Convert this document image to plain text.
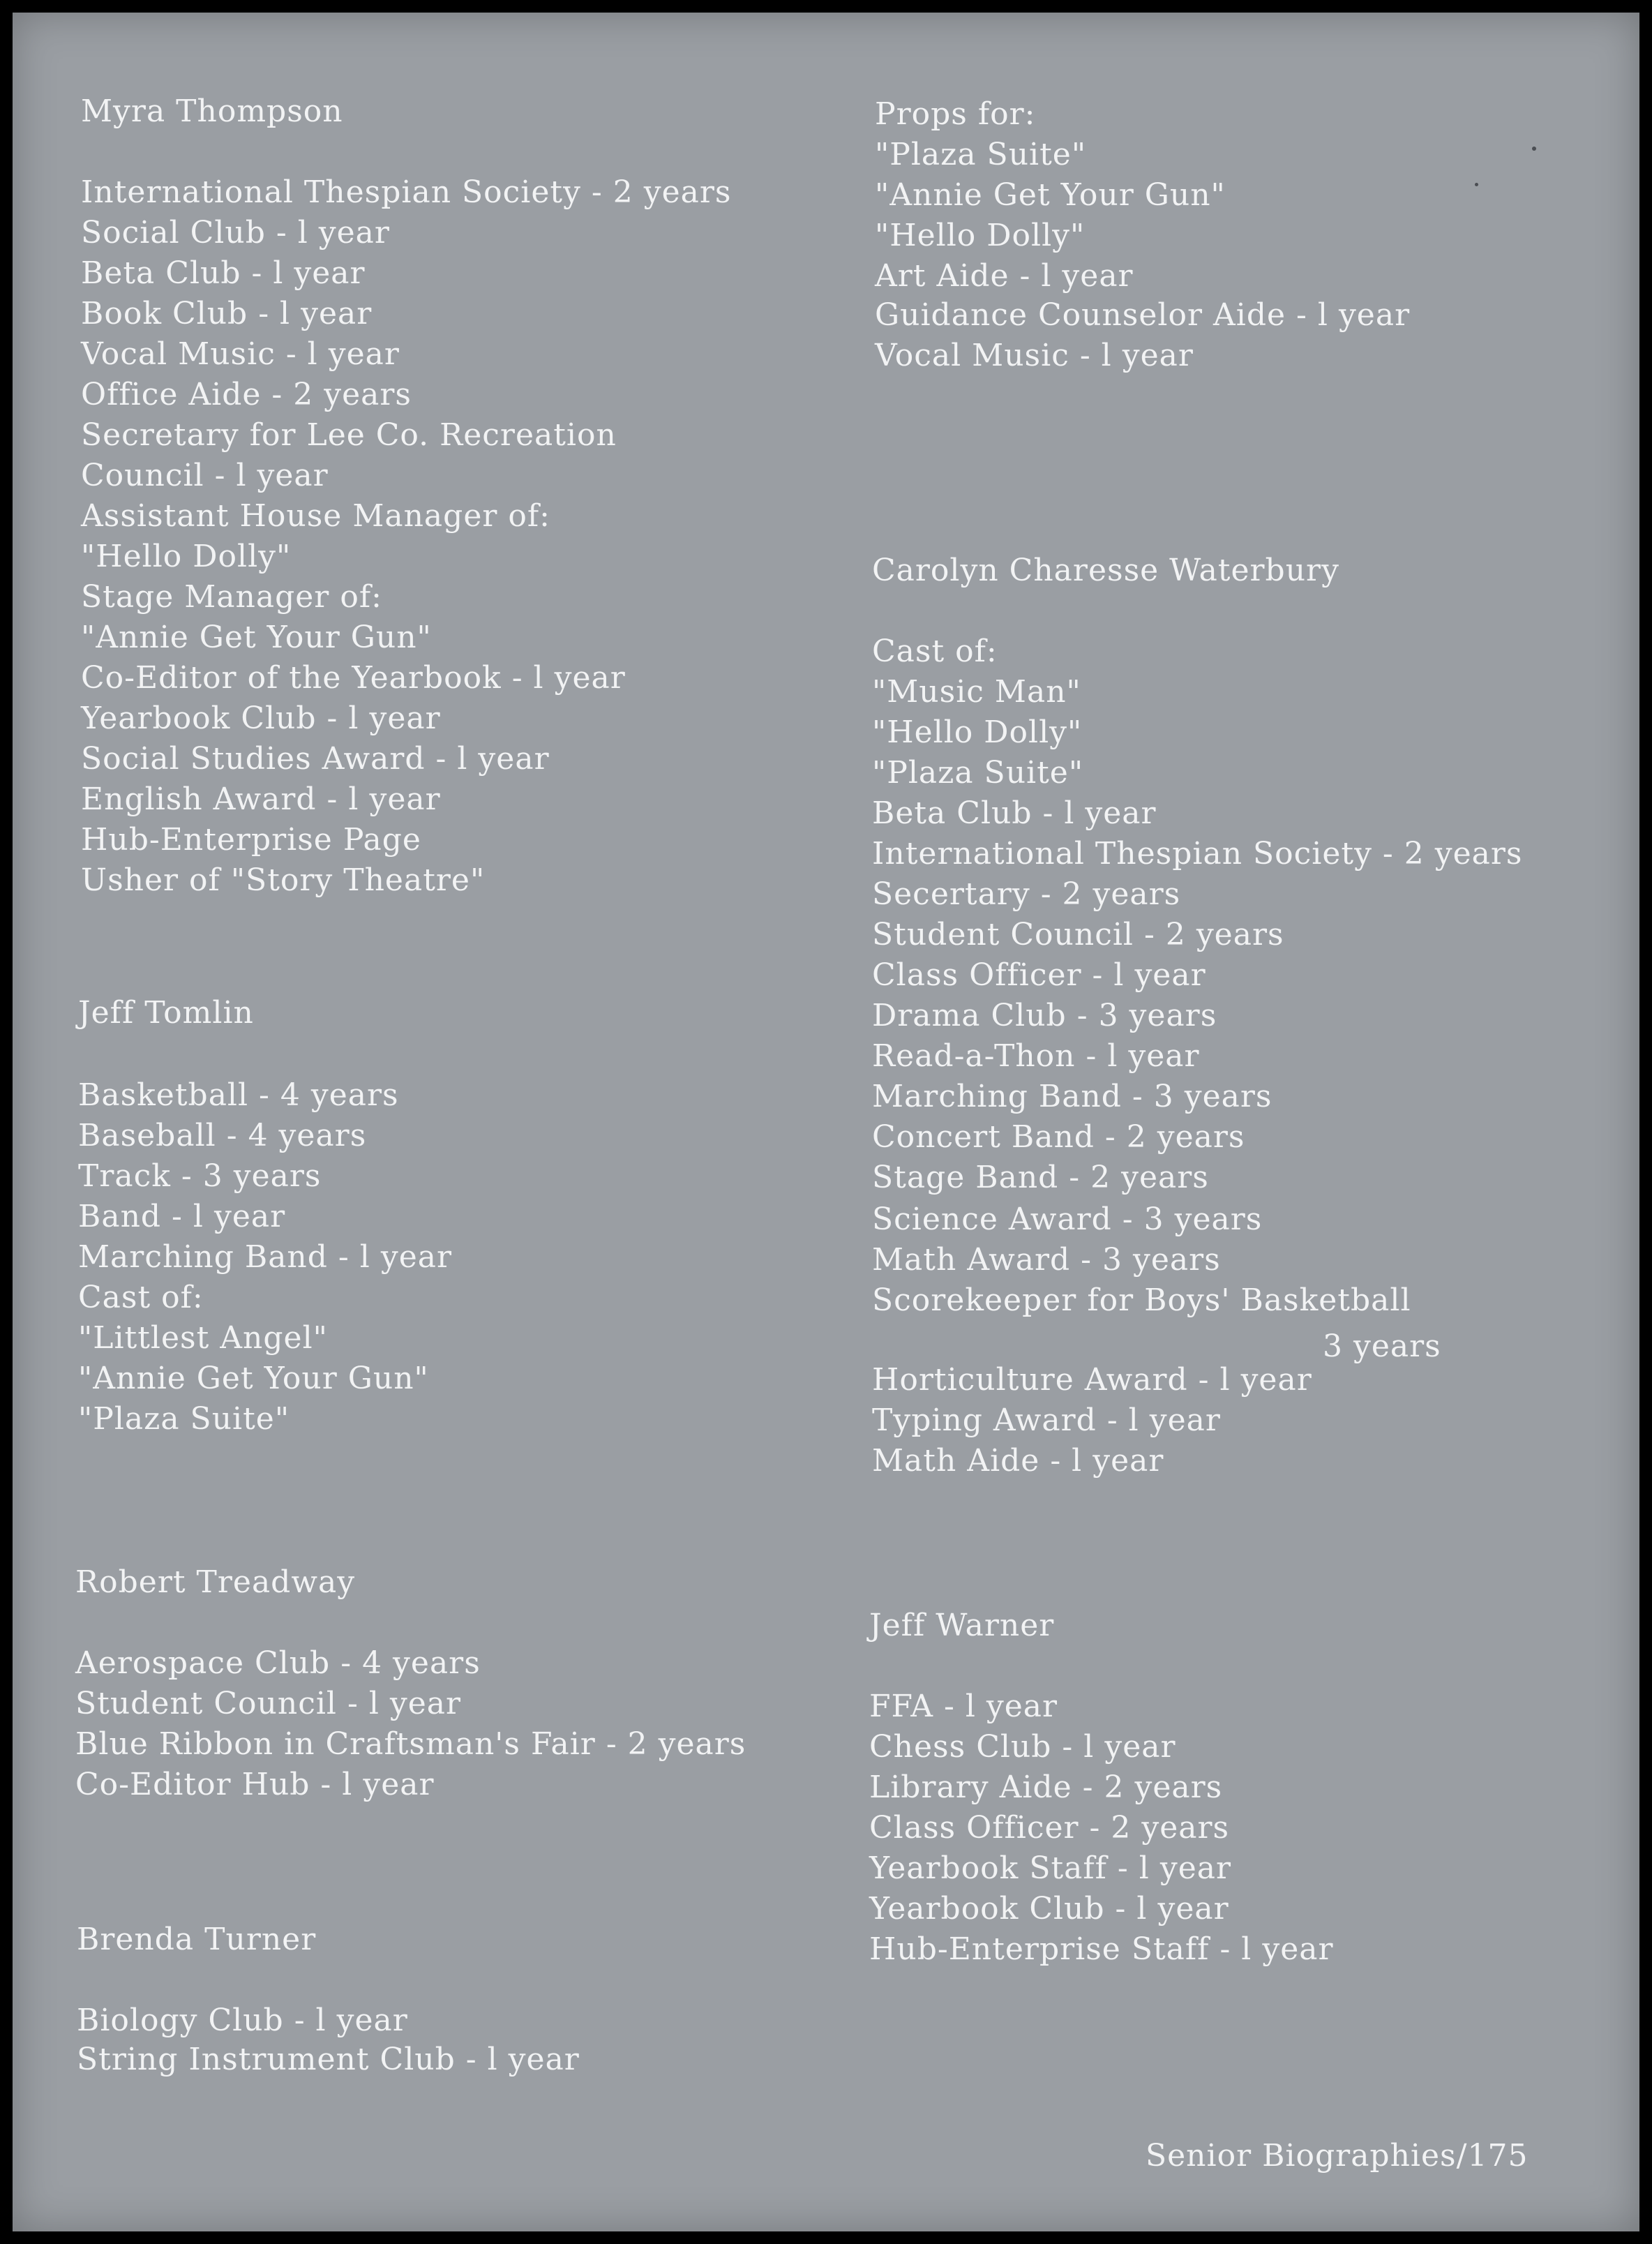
Myra Thompson
International Thespian Society - 2 years
Social Club - l year
Beta Club - l year
Book Club - l year
Vocal Music - l year
Office Aide - 2 years
Secretary for Lee Co. Recreation
Council - l year
Assistant House Manager of:
"Hello Dolly"
Stage Manager of:
"Annie Get Your Gun"
Co-Editor of the Yearbook - l year
Yearbook Club - l year
Social Studies Award - l year
English Award - l year
Hub-Enterprise Page
Usher of "Story Theatre"
Jeff Tomlin
Basketball - 4 years
Baseball - 4 years
Track - 3 years
Band - l year
Marching Band - l year
Cast of:
"Littlest Angel"
"Annie Get Your Gun"
"Plaza Suite"
Robert Treadway
Aerospace Club - 4 years
Student Council - l year
Blue Ribbon in Craftsman's Fair - 2 years
Co-Editor Hub - l year
Brenda Turner
Biology Club - l year
String Instrument Club - l year
Props for:
"Plaza Suite"
"Annie Get Your Gun"
"Hello Dolly"
Art Aide - l year
Guidance Counselor Aide - l year
Vocal Music - l year
Carolyn Charesse Waterbury
Cast of:
"Music Man"
"Hello Dolly"
"Plaza Suite"
Beta Club - l year
International Thespian Society - 2 years
Secertary - 2 years
Student Council - 2 years
Class Officer - l year
Drama Club - 3 years
Read-a-Thon - l year
Marching Band - 3 years
Concert Band - 2 years
Stage Band - 2 years
Science Award - 3 years
Math Award - 3 years
Scorekeeper for Boys' Basketball
3 years
Horticulture Award - l year
Typing Award - l year
Math Aide - l year
Jeff Warner
FFA - l year
Chess Club - l year
Library Aide - 2 years
Class Officer - 2 years
Yearbook Staff - l year
Yearbook Club - l year
Hub-Enterprise Staff - l year
Senior Biographies/175
